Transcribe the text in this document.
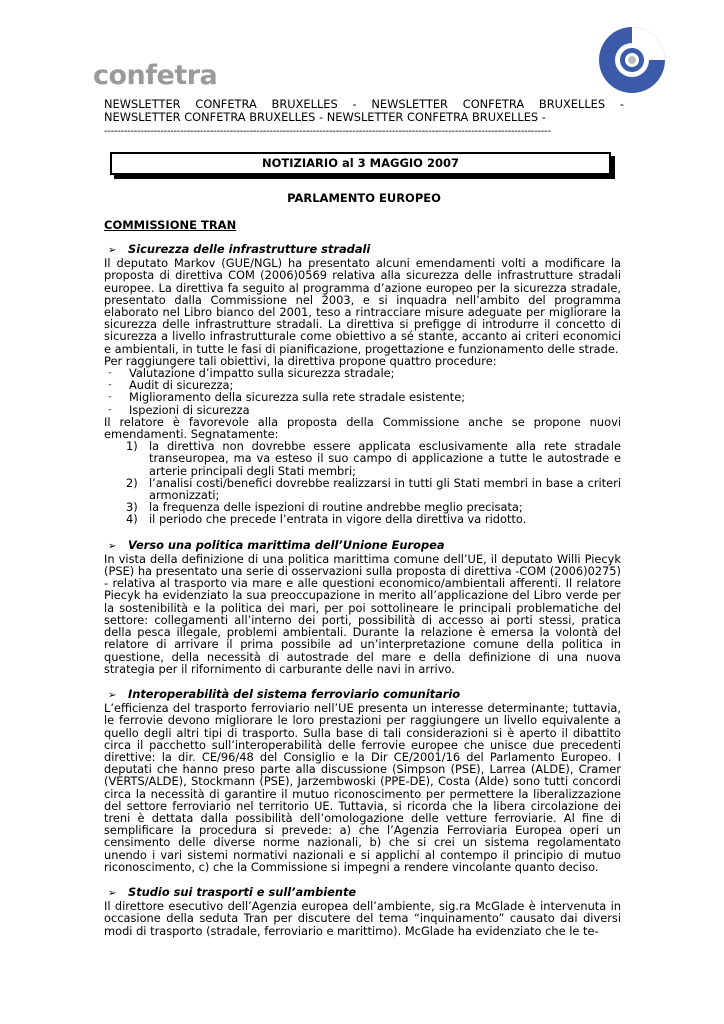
confetra
NEWSLETTER CONFETRA BRUXELLES - NEWSLETTER CONFETRA BRUXELLES -
NEWSLETTER CONFETRA BRUXELLES - NEWSLETTER CONFETRA BRUXELLES -
---------------------------------------------------------------------------------------------------------------------------------------
NOTIZIARIO al 3 MAGGIO 2007
PARLAMENTO EUROPEO
COMMISSIONE TRAN

➢ Sicurezza delle infrastrutture stradali

Il deputato Markov (GUE/NGL) ha presentato alcuni emendamenti volti a modificare la proposta di direttiva COM (2006)0569 relativa alla sicurezza delle infrastrutture stradali europee. La direttiva fa seguito al programma d’azione europeo per la sicurezza stradale, presentato dalla Commissione nel 2003, e si inquadra nell’ambito del programma elaborato nel Libro bianco del 2001, teso a rintracciare misure adeguate per migliorare la sicurezza delle infrastrutture stradali. La direttiva si prefigge di introdurre il concetto di sicurezza a livello infrastrutturale come obiettivo a sé stante, accanto ai criteri economici e ambientali, in tutte le fasi di pianificazione, progettazione e funzionamento delle strade.

Per raggiungere tali obiettivi, la direttiva propone quattro procedure:

-	Valutazione d’impatto sulla sicurezza stradale;
-	Audit di sicurezza;
-	Miglioramento della sicurezza sulla rete stradale esistente;
-	Ispezioni di sicurezza

Il relatore è favorevole alla proposta della Commissione anche se propone nuovi emendamenti. Segnatamente:

1) la direttiva non dovrebbe essere applicata esclusivamente alla rete stradale transeuropea, ma va esteso il suo campo di applicazione a tutte le autostrade e arterie principali degli Stati membri;
2) l’analisi costi/benefici dovrebbe realizzarsi in tutti gli Stati membri in base a criteri armonizzati;
3) la frequenza delle ispezioni di routine andrebbe meglio precisata;
4) il periodo che precede l’entrata in vigore della direttiva va ridotto.

➢ Verso una politica marittima dell’Unione Europea

In vista della definizione di una politica marittima comune dell’UE, il deputato Willi Piecyk (PSE) ha presentato una serie di osservazioni sulla proposta di direttiva -COM (2006)0275) - relativa al trasporto via mare e alle questioni economico/ambientali afferenti. Il relatore Piecyk ha evidenziato la sua preoccupazione in merito all’applicazione del Libro verde per la sostenibilità e la politica dei mari, per poi sottolineare le principali problematiche del settore: collegamenti all’interno dei porti, possibilità di accesso ai porti stessi, pratica della pesca illegale, problemi ambientali. Durante la relazione è emersa la volontà del relatore di arrivare il prima possibile ad un’interpretazione comune della politica in questione, della necessità di autostrade del mare e della definizione di una nuova strategia per il rifornimento di carburante delle navi in arrivo.

➢ Interoperabilità del sistema ferroviario comunitario

L’efficienza del trasporto ferroviario nell’UE presenta un interesse determinante; tuttavia, le ferrovie devono migliorare le loro prestazioni per raggiungere un livello equivalente a quello degli altri tipi di trasporto. Sulla base di tali considerazioni si è aperto il dibattito circa il pacchetto sull’interoperabilità delle ferrovie europee che unisce due precedenti direttive: la dir. CE/96/48 del Consiglio e la Dir CE/2001/16 del Parlamento Europeo. I deputati che hanno preso parte alla discussione (Simpson (PSE), Larrea (ALDE), Cramer (VERTS/ALDE), Stockmann (PSE), Jarzembwoski (PPE-DE), Costa (Alde) sono tutti concordi circa la necessità di garantire il mutuo riconoscimento per permettere la liberalizzazione del settore ferroviario nel territorio UE. Tuttavia, si ricorda che la libera circolazione dei treni è dettata dalla possibilità dell’omologazione delle vetture ferroviarie. Al fine di semplificare la procedura si prevede: a) che l’Agenzia Ferroviaria Europea operi un censimento delle diverse norme nazionali, b) che si crei un sistema regolamentato unendo i vari sistemi normativi nazionali e si applichi al contempo il principio di mutuo riconoscimento, c) che la Commissione si impegni a rendere vincolante quanto deciso.

➢ Studio sui trasporti e sull’ambiente

Il direttore esecutivo dell’Agenzia europea dell’ambiente, sig.ra McGlade è intervenuta in occasione della seduta Tran per discutere del tema “inquinamento” causato dai diversi modi di trasporto (stradale, ferroviario e marittimo). McGlade ha evidenziato che le te-
